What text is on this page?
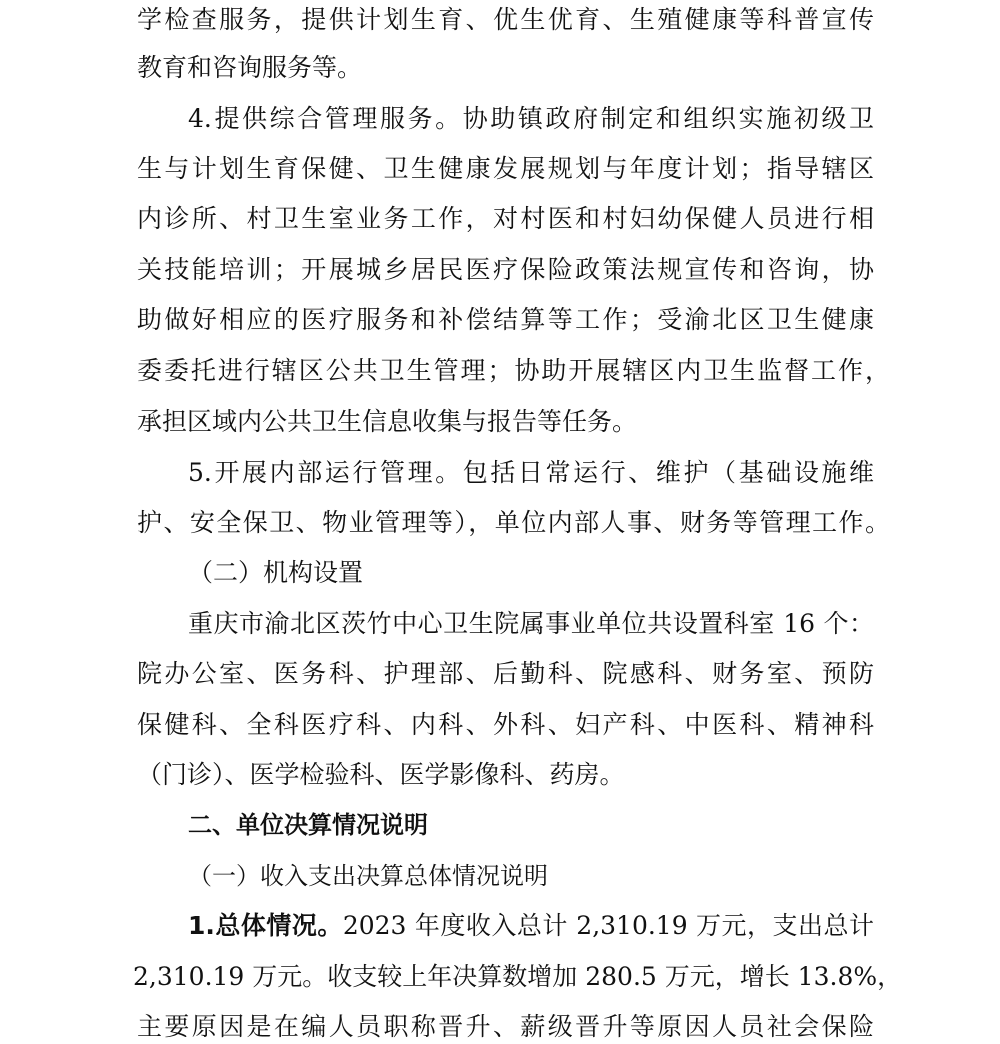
学检查服务，提供计划生育、优生优育、生殖健康等科普宣传
教育和咨询服务等。
4.提供综合管理服务。协助镇政府制定和组织实施初级卫
生与计划生育保健、卫生健康发展规划与年度计划；指导辖区
内诊所、村卫生室业务工作，对村医和村妇幼保健人员进行相
关技能培训；开展城乡居民医疗保险政策法规宣传和咨询，协
助做好相应的医疗服务和补偿结算等工作；受渝北区卫生健康
委委托进行辖区公共卫生管理；协助开展辖区内卫生监督工作，
承担区域内公共卫生信息收集与报告等任务。
5.开展内部运行管理。包括日常运行、维护（基础设施维
护、安全保卫、物业管理等），单位内部人事、财务等管理工作。
（二）机构设置
重庆市渝北区茨竹中心卫生院属事业单位共设置科室 16 个：
院办公室、医务科、护理部、后勤科、院感科、财务室、预防
保健科、全科医疗科、内科、外科、妇产科、中医科、精神科
（门诊）、医学检验科、医学影像科、药房。
二、单位决算情况说明
（一）收入支出决算总体情况说明
1.总体情况。2023 年度收入总计 2,310.19 万元，支出总计
2,310.19 万元。收支较上年决算数增加 280.5 万元，增长 13.8%，
主要原因是在编人员职称晋升、薪级晋升等原因人员社会保险
